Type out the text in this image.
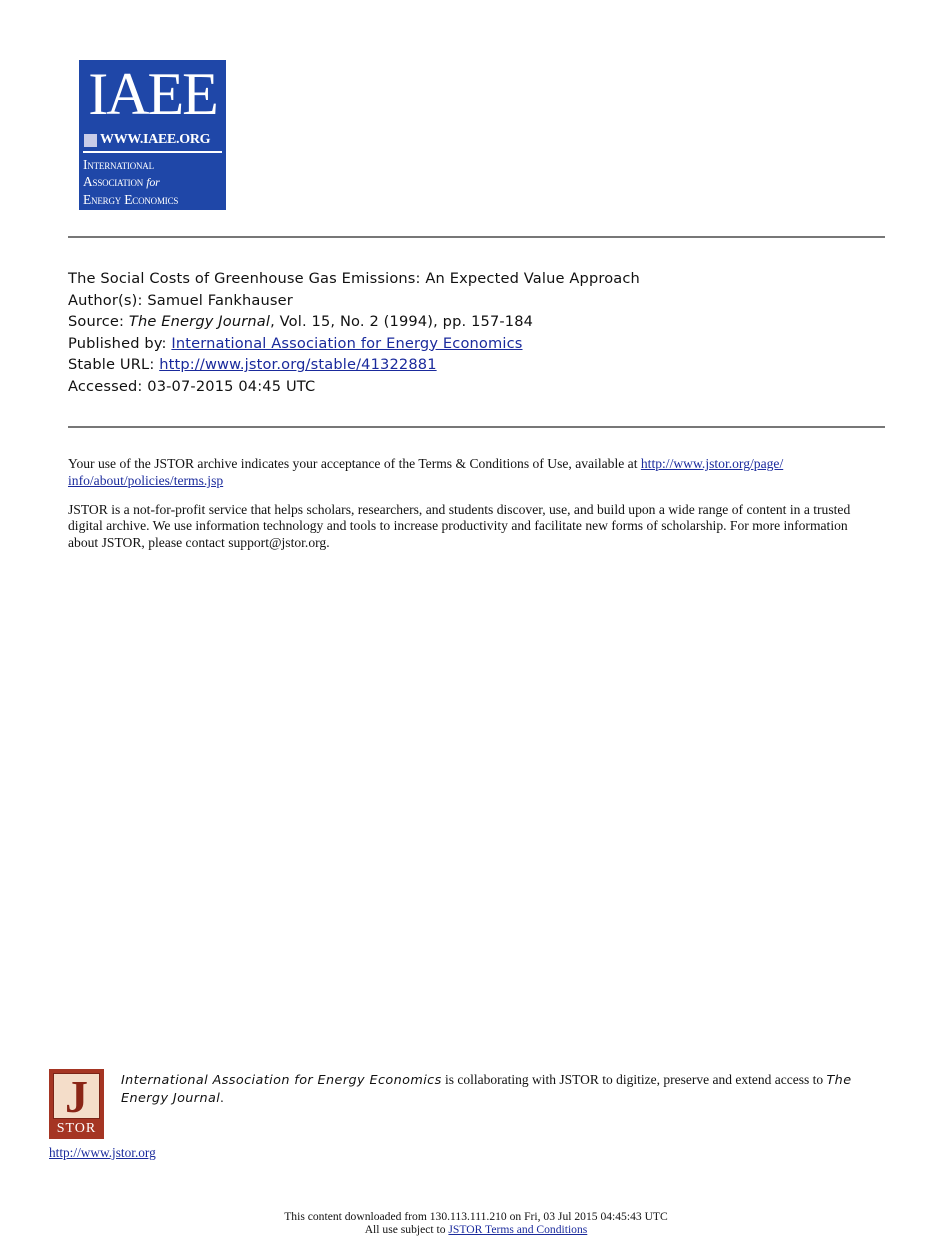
IAEE
WWW.IAEE.ORG
International
Association for
Energy Economics
The Social Costs of Greenhouse Gas Emissions: An Expected Value Approach
Author(s): Samuel Fankhauser
Source: The Energy Journal, Vol. 15, No. 2 (1994), pp. 157-184
Published by: International Association for Energy Economics
Stable URL: http://www.jstor.org/stable/41322881
Accessed: 03-07-2015 04:45 UTC

Your use of the JSTOR archive indicates your acceptance of the Terms & Conditions of Use, available at http://www.jstor.org/page/ info/about/policies/terms.jsp

JSTOR is a not-for-profit service that helps scholars, researchers, and students discover, use, and build upon a wide range of content in a trusted digital archive. We use information technology and tools to increase productivity and facilitate new forms of scholarship. For more information about JSTOR, please contact support@jstor.org.

J
STOR
http://www.jstor.org
International Association for Energy Economics is collaborating with JSTOR to digitize, preserve and extend access to The Energy Journal.
This content downloaded from 130.113.111.210 on Fri, 03 Jul 2015 04:45:43 UTC
All use subject to JSTOR Terms and Conditions
